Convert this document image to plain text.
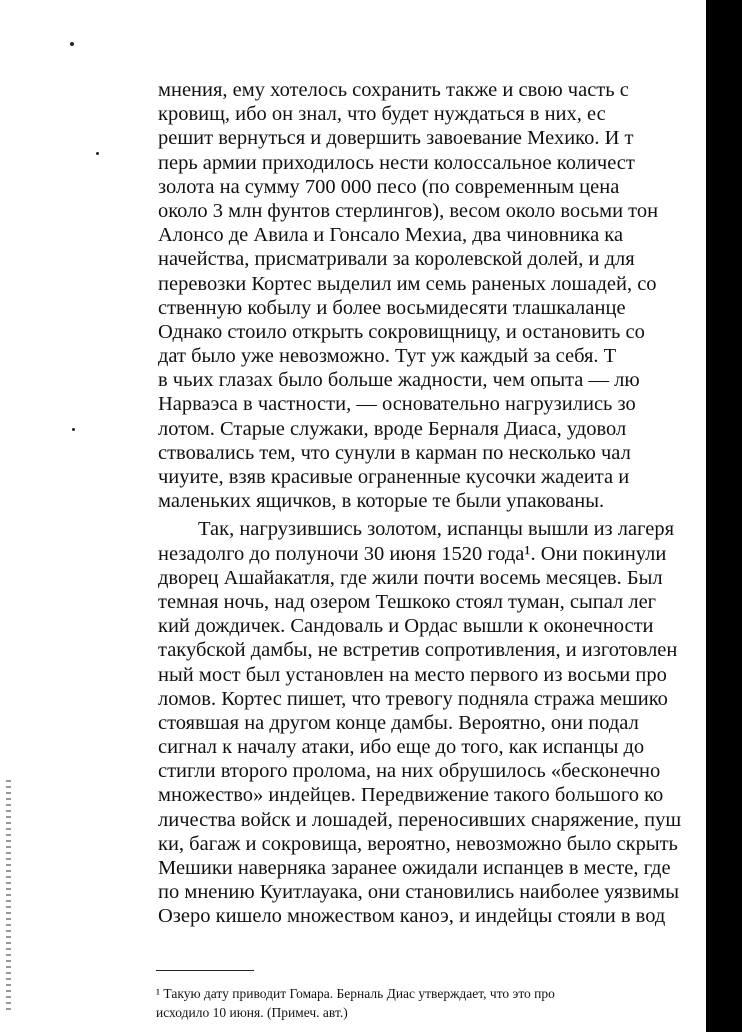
мнения, ему хотелось сохранить также и свою часть с
кровищ, ибо он знал, что будет нуждаться в них, ес
решит вернуться и довершить завоевание Мехико. И т
перь армии приходилось нести колоссальное количест
золота на сумму 700 000 песо (по современным цена
около 3 млн фунтов стерлингов), весом около восьми тон
Алонсо де Авила и Гонсало Мехиа, два чиновника ка
начейства, присматривали за королевской долей, и для
перевозки Кортес выделил им семь раненых лошадей, со
ственную кобылу и более восьмидесяти тлашкаланце
Однако стоило открыть сокровищницу, и остановить со
дат было уже невозможно. Тут уж каждый за себя. Т
в чьих глазах было больше жадности, чем опыта — лю
Нарваэса в частности, — основательно нагрузились зо
лотом. Старые служаки, вроде Берналя Диаса, удовол
ствовались тем, что сунули в карман по несколько чал
чиуите, взяв красивые ограненные кусочки жадеита и
маленьких ящичков, в которые те были упакованы.
Так, нагрузившись золотом, испанцы вышли из лагеря
незадолго до полуночи 30 июня 1520 года¹. Они покинули
дворец Ашайакатля, где жили почти восемь месяцев. Был
темная ночь, над озером Тешкоко стоял туман, сыпал лег
кий дождичек. Сандоваль и Ордас вышли к оконечности
такубской дамбы, не встретив сопротивления, и изготовлен
ный мост был установлен на место первого из восьми про
ломов. Кортес пишет, что тревогу подняла стража мешико
стоявшая на другом конце дамбы. Вероятно, они подал
сигнал к началу атаки, ибо еще до того, как испанцы до
стигли второго пролома, на них обрушилось «бесконечно
множество» индейцев. Передвижение такого большого ко
личества войск и лошадей, переносивших снаряжение, пуш
ки, багаж и сокровища, вероятно, невозможно было скрыть
Мешики наверняка заранее ожидали испанцев в месте, где
по мнению Куитлауака, они становились наиболее уязвимы
Озеро кишело множеством каноэ, и индейцы стояли в вод
¹ Такую дату приводит Гомара. Берналь Диас утверждает, что это про
исходило 10 июня. (Примеч. авт.)
